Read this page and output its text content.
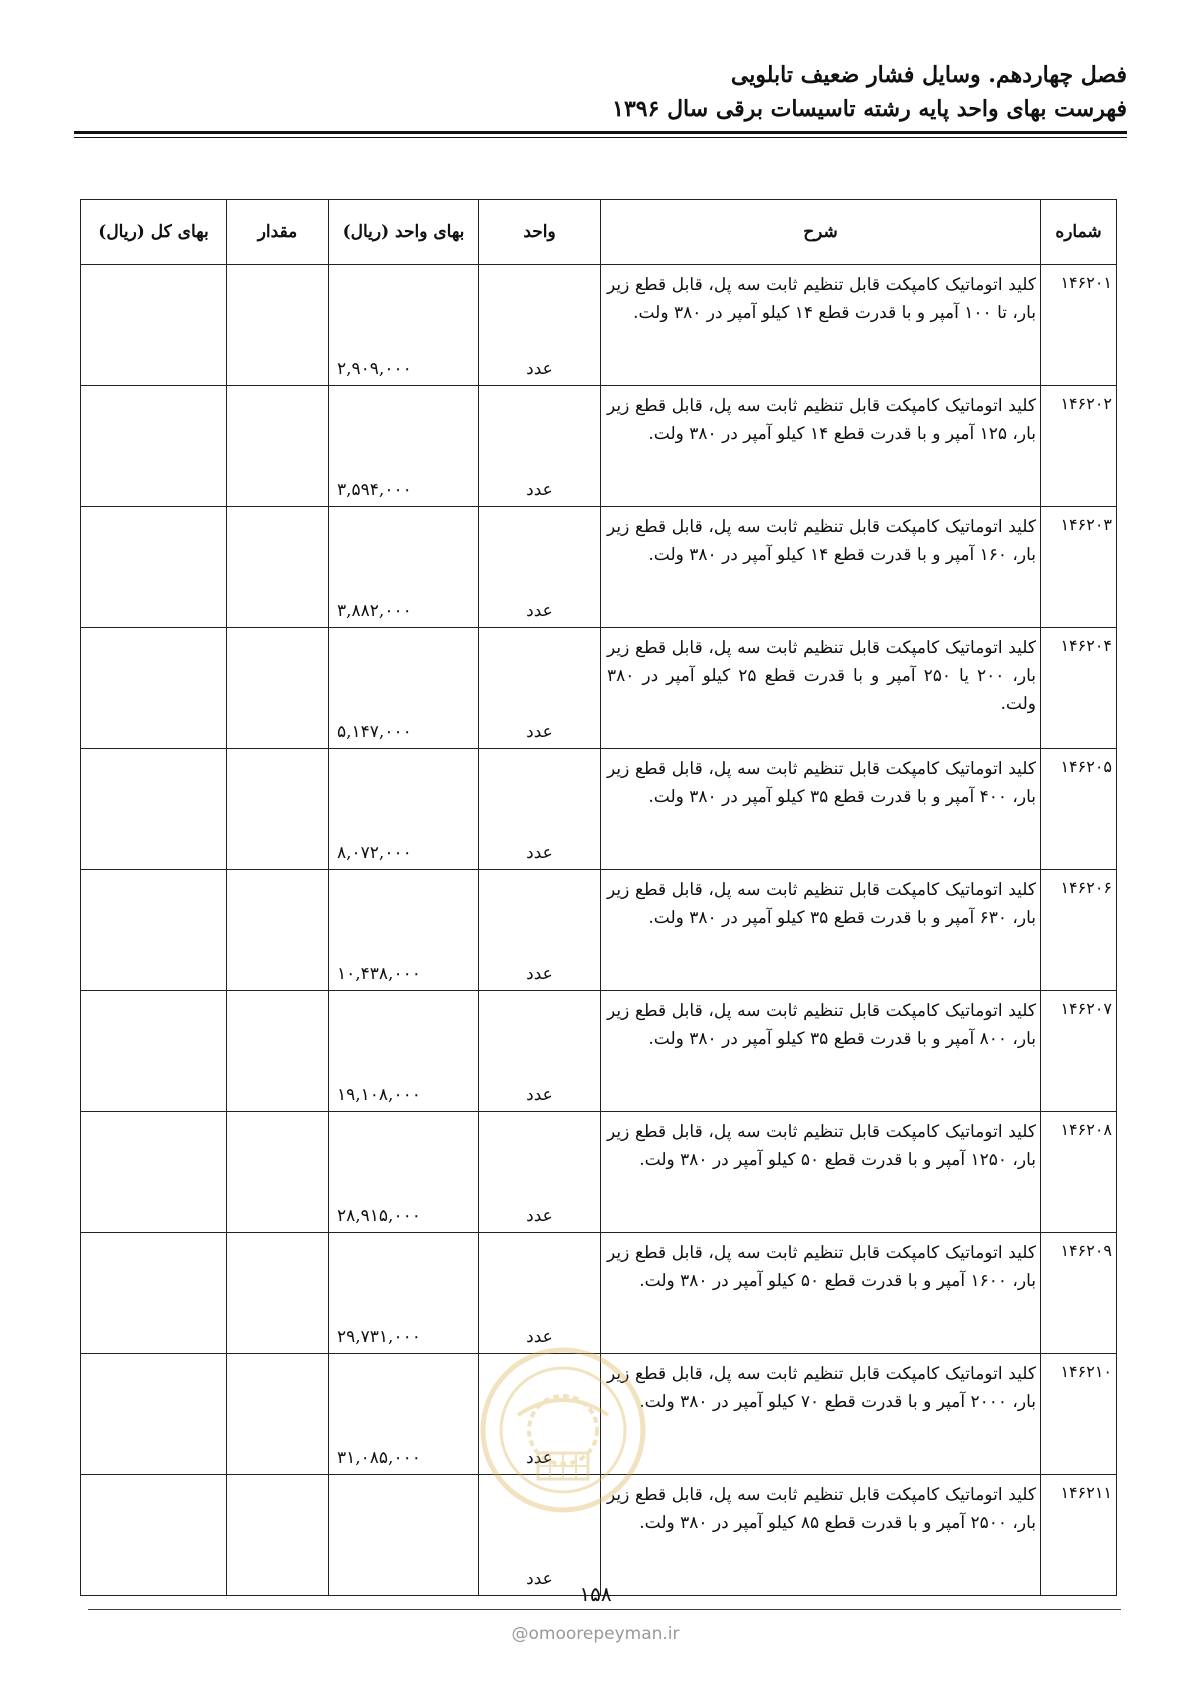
فصل چهاردهم. وسایل فشار ضعیف تابلویی
فهرست بهای واحد پایه رشته تاسیسات برقی سال ۱۳۹۶
شماره	شرح	واحد	بهای واحد (ریال)	مقدار	بهای کل (ریال)
۱۴۶۲۰۱	کلید اتوماتیک کامپکت قابل تنظیم ثابت سه پل، قابل قطع زیر بار، تا ۱۰۰ آمپر و با قدرت قطع ۱۴ کیلو آمپر در ۳۸۰ ولت.	عدد	۲,۹۰۹,۰۰۰		

۱۴۶۲۰۲	کلید اتوماتیک کامپکت قابل تنظیم ثابت سه پل، قابل قطع زیر بار، ۱۲۵ آمپر و با قدرت قطع ۱۴ کیلو آمپر در ۳۸۰ ولت.	عدد	۳,۵۹۴,۰۰۰		

۱۴۶۲۰۳	کلید اتوماتیک کامپکت قابل تنظیم ثابت سه پل، قابل قطع زیر بار، ۱۶۰ آمپر و با قدرت قطع ۱۴ کیلو آمپر در ۳۸۰ ولت.	عدد	۳,۸۸۲,۰۰۰		

۱۴۶۲۰۴	کلید اتوماتیک کامپکت قابل تنظیم ثابت سه پل، قابل قطع زیر بار، ۲۰۰ یا ۲۵۰ آمپر و با قدرت قطع ۲۵ کیلو آمپر در ۳۸۰ ولت.	عدد	۵,۱۴۷,۰۰۰		

۱۴۶۲۰۵	کلید اتوماتیک کامپکت قابل تنظیم ثابت سه پل، قابل قطع زیر بار، ۴۰۰ آمپر و با قدرت قطع ۳۵ کیلو آمپر در ۳۸۰ ولت.	عدد	۸,۰۷۲,۰۰۰		

۱۴۶۲۰۶	کلید اتوماتیک کامپکت قابل تنظیم ثابت سه پل، قابل قطع زیر بار، ۶۳۰ آمپر و با قدرت قطع ۳۵ کیلو آمپر در ۳۸۰ ولت.	عدد	۱۰,۴۳۸,۰۰۰		

۱۴۶۲۰۷	کلید اتوماتیک کامپکت قابل تنظیم ثابت سه پل، قابل قطع زیر بار، ۸۰۰ آمپر و با قدرت قطع ۳۵ کیلو آمپر در ۳۸۰ ولت.	عدد	۱۹,۱۰۸,۰۰۰		

۱۴۶۲۰۸	کلید اتوماتیک کامپکت قابل تنظیم ثابت سه پل، قابل قطع زیر بار، ۱۲۵۰ آمپر و با قدرت قطع ۵۰ کیلو آمپر در ۳۸۰ ولت.	عدد	۲۸,۹۱۵,۰۰۰		

۱۴۶۲۰۹	کلید اتوماتیک کامپکت قابل تنظیم ثابت سه پل، قابل قطع زیر بار، ۱۶۰۰ آمپر و با قدرت قطع ۵۰ کیلو آمپر در ۳۸۰ ولت.	عدد	۲۹,۷۳۱,۰۰۰		

۱۴۶۲۱۰	کلید اتوماتیک کامپکت قابل تنظیم ثابت سه پل، قابل قطع زیر بار، ۲۰۰۰ آمپر و با قدرت قطع ۷۰ کیلو آمپر در ۳۸۰ ولت.	عدد	۳۱,۰۸۵,۰۰۰		

۱۴۶۲۱۱	کلید اتوماتیک کامپکت قابل تنظیم ثابت سه پل، قابل قطع زیر بار، ۲۵۰۰ آمپر و با قدرت قطع ۸۵ کیلو آمپر در ۳۸۰ ولت.	عدد			

۱۵۸
@omoorepeyman.ir
